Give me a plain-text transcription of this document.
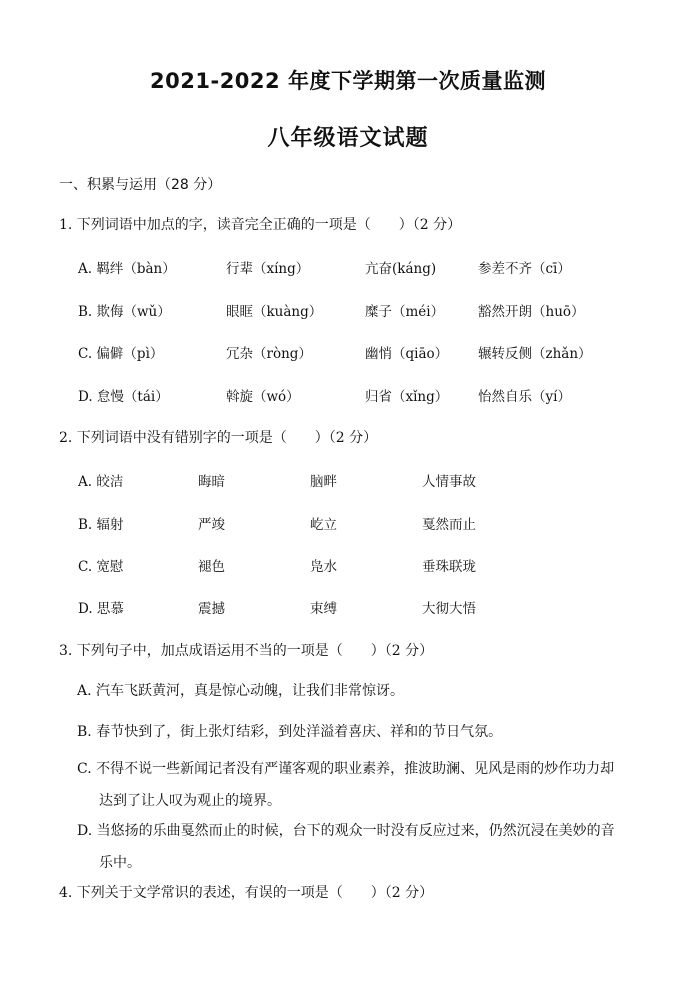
2021-2022 年度下学期第一次质量监测
八年级语文试题
一、积累与运用（28 分）
1. 下列词语中加点的字，读音完全正确的一项是（　　）（2 分）
A. 羁绊（bàn）	行辈（xíng）	亢奋(káng)	参差不齐（cī）
B. 欺侮（wǔ）	眼眶（kuàng）	糜子（méi）	豁然开朗（huō）
C. 偏僻（pì）	冗杂（ròng）	幽悄（qiāo） 辗转反侧（zhǎn）
D. 怠慢（tái）	斡旋（wó）	归省（xǐng） 怡然自乐（yí）
2. 下列词语中没有错别字的一项是（　　）（2 分）
A. 皎洁	晦暗	脑畔	人情事故
B. 辐射	严竣	屹立	戛然而止
C. 宽慰	褪色	凫水	垂珠联珑
D. 思慕	震撼	束缚	大彻大悟
3. 下列句子中，加点成语运用不当的一项是（　　）（2 分）
A. 汽车飞跃黄河，真是惊心动魄，让我们非常惊讶。
B. 春节快到了，街上张灯结彩，到处洋溢着喜庆、祥和的节日气氛。
C. 不得不说一些新闻记者没有严谨客观的职业素养，推波助澜、见风是雨的炒作功力却
达到了让人叹为观止的境界。
D. 当悠扬的乐曲戛然而止的时候，台下的观众一时没有反应过来，仍然沉浸在美妙的音
乐中。
4. 下列关于文学常识的表述，有误的一项是（　　）（2 分）
